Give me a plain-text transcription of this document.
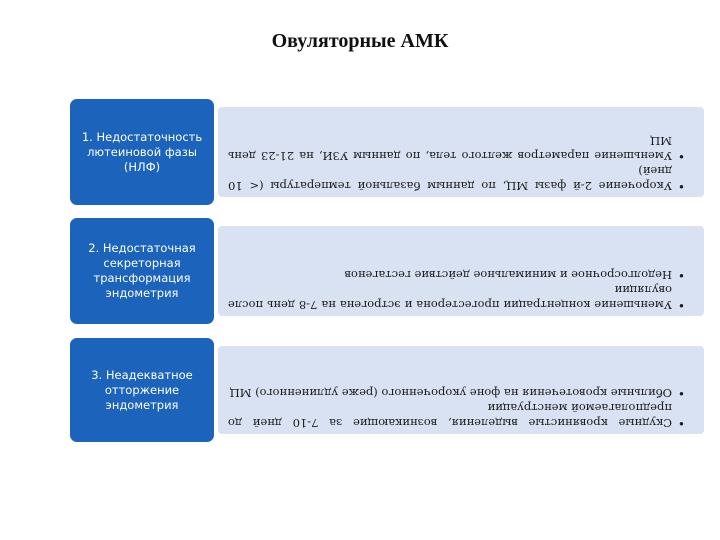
Овуляторные АМК
• Укорочение 2-й фазы МЦ, по данным базальной температуры (< 10 дней)
• Уменьшение параметров желтого тела, по данным УЗИ, на 21-23 день МЦ
1. Недостаточность лютеиновой фазы (НЛФ)
• Уменьшение концентрации прогестерона и эстрогена на 7-8 день после овуляции
• Недолгосрочное и минимальное действие гестагенов
2. Недостаточная секреторная трансформация эндометрия
• Скудные кровянистые выделения, возникающие за 7-10 дней до предполагаемой менструации
• Обильные кровотечения на фоне укороченного (реже удлиненного) МЦ
3. Неадекватное отторжение эндометрия
